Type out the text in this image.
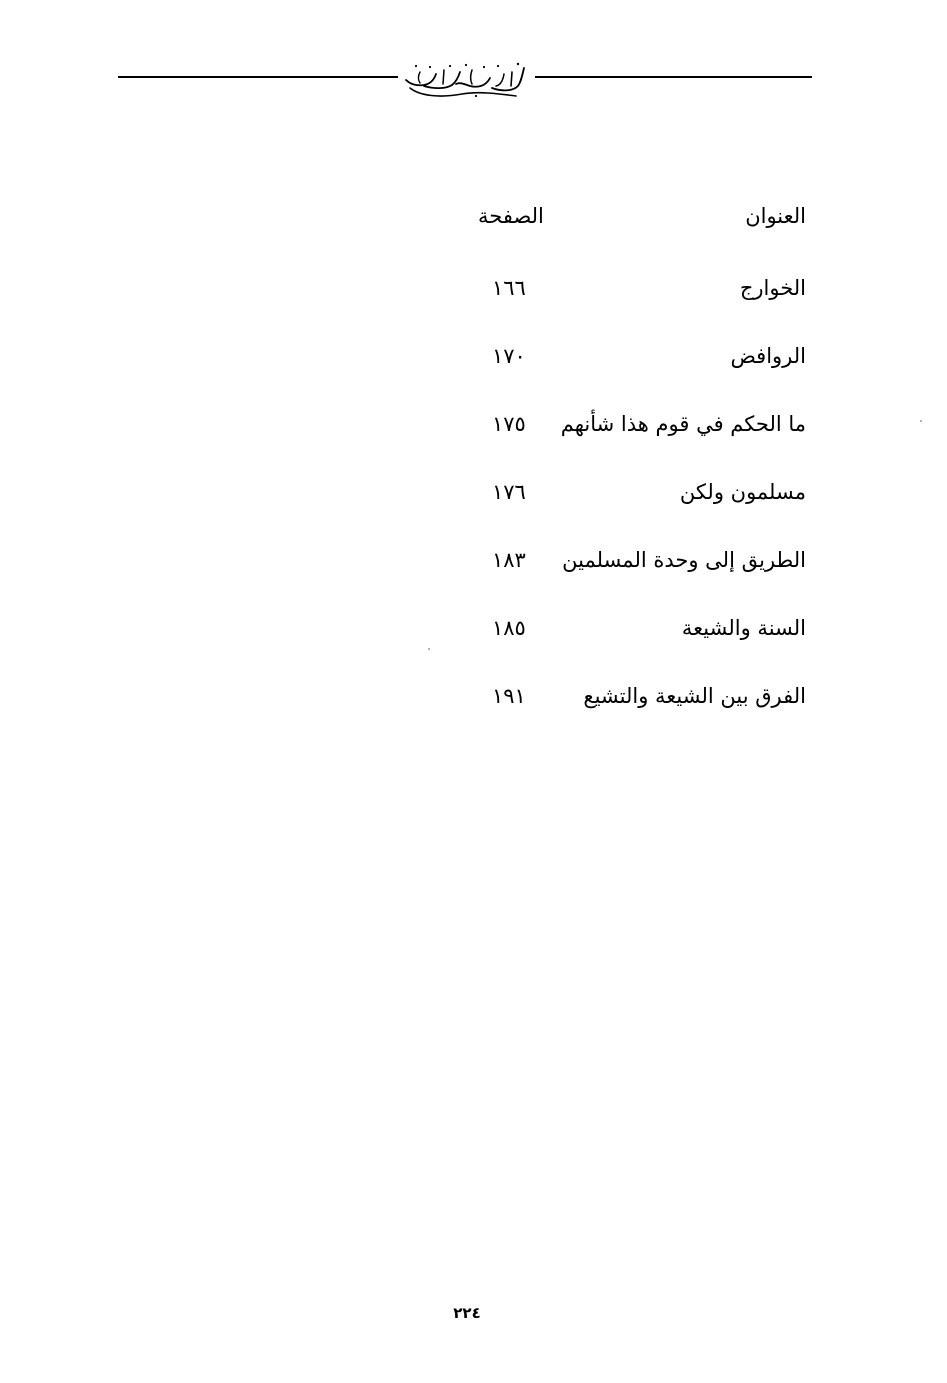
العنوان
الصفحة
الخوارج
١٦٦
الروافض
١٧٠
ما الحكم في قوم هذا شأنهم
١٧٥
مسلمون ولكن
١٧٦
الطريق إلى وحدة المسلمين
١٨٣
السنة والشيعة
١٨٥
الفرق بين الشيعة والتشيع
١٩١
٢٢٤
